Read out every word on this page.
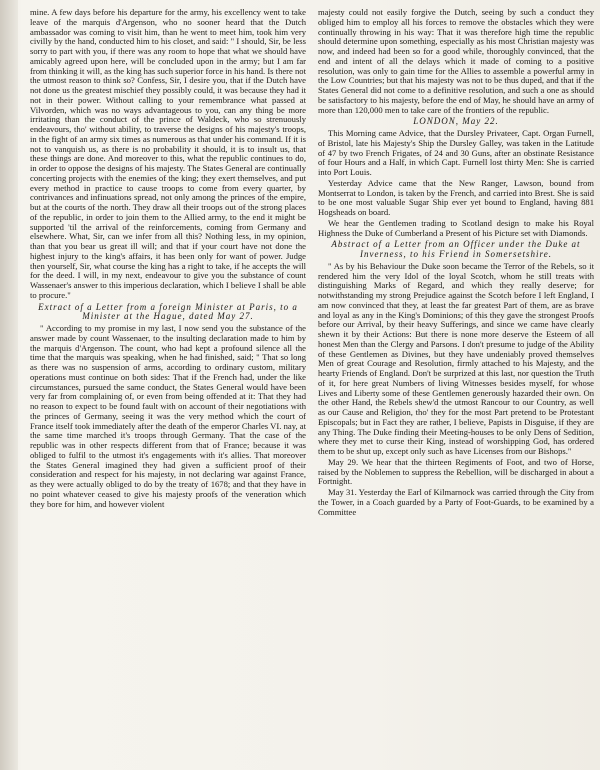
mine. A few days before his departure for the army, his excellency went to take leave of the marquis d'Argenson, who no sooner heard that the Dutch ambassador was coming to visit him, than he went to meet him, took him very civilly by the hand, conducted him to his closet, and said: " I should, Sir, be less sorry to part with you, if there was any room to hope that what we should have amicably agreed upon here, will be concluded upon in the army; but I am far from thinking it will, as the king has such superior force in his hand. Is there not the utmost reason to think so? Confess, Sir, I desire you, that if the Dutch have not done us the greatest mischief they possibly could, it was because they had it not in their power. Without calling to your remembrance what passed at Vilvorden, which was no ways advantageous to you, can any thing be more irritating than the conduct of the prince of Waldeck, who so strenuously endeavours, tho' without ability, to traverse the designs of his majesty's troops, in the fight of an army six times as numerous as that under his command. If it is not to vanquish us, as there is no probability it should, it is to insult us, that these things are done. And moreover to this, what the republic continues to do, in order to oppose the designs of his majesty. The States General are continually concerting projects with the enemies of the king; they exert themselves, and put every method in practice to cause troops to come from every quarter, by contrivances and infinuations spread, not only among the princes of the empire, but at the courts of the north. They draw all their troops out of the strong places of the republic, in order to join them to the Allied army, to the end it might be supported 'til the arrival of the reinforcements, coming from Germany and elsewhere. What, Sir, can we infer from all this? Nothing less, in my opinion, than that you bear us great ill will; and that if your court have not done the highest injury to the king's affairs, it has been only for want of power. Judge then yourself, Sir, what course the king has a right to take, if he accepts the will for the deed. I will, in my next, endeavour to give you the substance of count Wassenaer's answer to this imperious declaration, which I believe I shall be able to procure."

Extract of a Letter from a foreign Minister at Paris, to a Minister at the Hague, dated May 27.

" According to my promise in my last, I now send you the substance of the answer made by count Wassenaer, to the insulting declaration made to him by the marquis d'Argenson. The count, who had kept a profound silence all the time that the marquis was speaking, when he had finished, said; " That so long as there was no suspension of arms, according to ordinary custom, military operations must continue on both sides: That if the French had, under the like circumstances, pursued the same conduct, the States General would have been very far from complaining of, or even from being offended at it: That they had no reason to expect to be found fault with on account of their negotiations with the princes of Germany, seeing it was the very method which the court of France itself took immediately after the death of the emperor Charles VI. nay, at the same time marched it's troops through Germany. That the case of the republic was in other respects different from that of France; because it was obliged to fulfil to the utmost it's engagements with it's allies. That moreover the States General imagined they had given a sufficient proof of their consideration and respect for his majesty, in not declaring war against France, as they were actually obliged to do by the treaty of 1678; and that they have in no point whatever ceased to give his majesty proofs of the veneration which they bore for him, and however violent

majesty could not easily forgive the Dutch, seeing by such a conduct they obliged him to employ all his forces to remove the obstacles which they were continually throwing in his way: That it was therefore high time the republic should determine upon something, especially as his most Christian majesty was now, and indeed had been so for a good while, thoroughly convinced, that the end and intent of all the delays which it made of coming to a positive resolution, was only to gain time for the Allies to assemble a powerful army in the Low Countries; but that his majesty was not to be thus duped, and that if the States General did not come to a definitive resolution, and such a one as should be satisfactory to his majesty, before the end of May, he should have an army of more than 120,000 men to take care of the frontiers of the republic.

LONDON, May 22.

This Morning came Advice, that the Dursley Privateer, Capt. Organ Furnell, of Bristol, late his Majesty's Ship the Dursley Galley, was taken in the Latitude of 47 by two French Frigates, of 24 and 30 Guns, after an obstinate Resistance of four Hours and a Half, in which Capt. Furnell lost thirty Men: She is carried into Port Louis.

Yesterday Advice came that the New Ranger, Lawson, bound from Montserrat to London, is taken by the French, and carried into Brest. She is said to be one most valuable Sugar Ship ever yet bound to England, having 881 Hogsheads on board.

We hear the Gentlemen trading to Scotland design to make his Royal Highness the Duke of Cumberland a Present of his Picture set with Diamonds.

Abstract of a Letter from an Officer under the Duke at Inverness, to his Friend in Somersetshire.

" As by his Behaviour the Duke soon became the Terror of the Rebels, so it rendered him the very Idol of the loyal Scotch, whom he still treats with distinguishing Marks of Regard, and which they really deserve; for notwithstanding my strong Prejudice against the Scotch before I left England, I am now convinced that they, at least the far greatest Part of them, are as brave and loyal as any in the King's Dominions; of this they gave the strongest Proofs before our Arrival, by their heavy Sufferings, and since we came have clearly shewn it by their Actions: But there is none more deserve the Esteem of all honest Men than the Clergy and Parsons. I don't presume to judge of the Ability of these Gentlemen as Divines, but they have undeniably proved themselves Men of great Courage and Resolution, firmly attached to his Majesty, and the hearty Friends of England. Don't be surprized at this last, nor question the Truth of it, for here great Numbers of living Witnesses besides myself, for whose Lives and Liberty some of these Gentlemen generously hazarded their own. On the other Hand, the Rebels shew'd the utmost Rancour to our Country, as well as our Cause and Religion, tho' they for the most Part pretend to be Protestant Episcopals; but in Fact they are rather, I believe, Papists in Disguise, if they are any Thing. The Duke finding their Meeting-houses to be only Dens of Sedition, where they met to curse their King, instead of worshipping God, has ordered them to be shut up, except only such as have Licenses from our Bishops."

May 29. We hear that the thirteen Regiments of Foot, and two of Horse, raised by the Noblemen to suppress the Rebellion, will be discharged in about a Fortnight.

May 31. Yesterday the Earl of Kilmarnock was carried through the City from the Tower, in a Coach guarded by a Party of Foot-Guards, to be examined by a Committee
